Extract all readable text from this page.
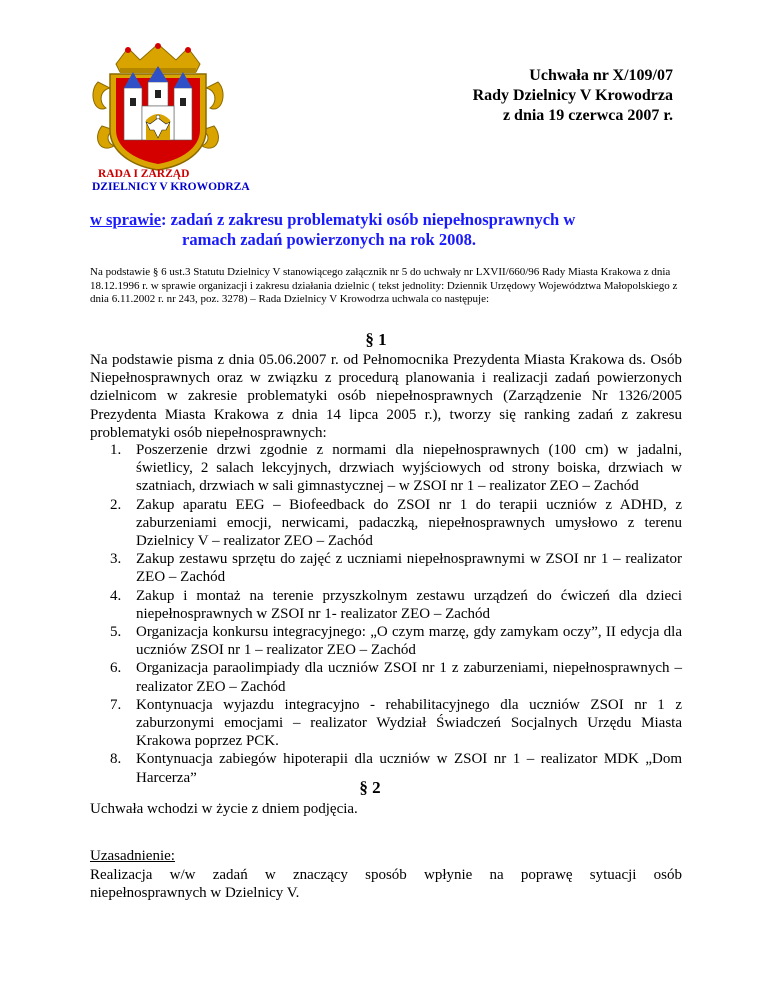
RADA I ZARZĄD
DZIELNICY V KROWODRZA
Uchwała nr X/109/07
Rady Dzielnicy V Krowodrza
z dnia 19 czerwca 2007 r.
w sprawie: zadań z zakresu problematyki osób niepełnosprawnych w
ramach zadań powierzonych na rok 2008.
Na podstawie § 6 ust.3 Statutu Dzielnicy V stanowiącego załącznik nr 5 do uchwały nr LXVII/660/96 Rady Miasta Krakowa z dnia 18.12.1996 r. w sprawie organizacji i zakresu działania dzielnic ( tekst jednolity: Dziennik Urzędowy Województwa Małopolskiego z dnia 6.11.2002 r. nr 243, poz. 3278) – Rada Dzielnicy V Krowodrza uchwala co następuje:
§ 1
Na podstawie pisma z dnia 05.06.2007 r. od Pełnomocnika Prezydenta Miasta Krakowa ds. Osób Niepełnosprawnych oraz w związku z procedurą planowania i realizacji zadań powierzonych dzielnicom w zakresie problematyki osób niepełnosprawnych (Zarządzenie Nr 1326/2005 Prezydenta Miasta Krakowa z dnia 14 lipca 2005 r.), tworzy się ranking zadań z zakresu problematyki osób niepełnosprawnych:
1. Poszerzenie drzwi zgodnie z normami dla niepełnosprawnych (100 cm) w jadalni, świetlicy, 2 salach lekcyjnych, drzwiach wyjściowych od strony boiska, drzwiach w szatniach, drzwiach w sali gimnastycznej – w ZSOI nr 1 – realizator ZEO – Zachód
2. Zakup aparatu EEG – Biofeedback do ZSOI nr 1 do terapii uczniów z ADHD, z zaburzeniami emocji, nerwicami, padaczką, niepełnosprawnych umysłowo z terenu Dzielnicy V – realizator ZEO – Zachód
3. Zakup zestawu sprzętu do zajęć z uczniami niepełnosprawnymi w ZSOI nr 1 – realizator ZEO – Zachód
4. Zakup i montaż na terenie przyszkolnym zestawu urządzeń do ćwiczeń dla dzieci niepełnosprawnych w ZSOI nr 1- realizator ZEO – Zachód
5. Organizacja konkursu integracyjnego: „O czym marzę, gdy zamykam oczy”, II edycja dla uczniów ZSOI nr 1 – realizator ZEO – Zachód
6. Organizacja paraolimpiady dla uczniów ZSOI nr 1 z zaburzeniami, niepełnosprawnych – realizator ZEO – Zachód
7. Kontynuacja wyjazdu integracyjno - rehabilitacyjnego dla uczniów ZSOI nr 1 z zaburzonymi emocjami – realizator Wydział Świadczeń Socjalnych Urzędu Miasta Krakowa poprzez PCK.
8. Kontynuacja zabiegów hipoterapii dla uczniów w ZSOI nr 1 – realizator MDK „Dom Harcerza”
§ 2
Uchwała wchodzi w życie z dniem podjęcia.
Uzasadnienie:
Realizacja w/w zadań w znaczący sposób wpłynie na poprawę sytuacji osób
niepełnosprawnych w Dzielnicy V.
